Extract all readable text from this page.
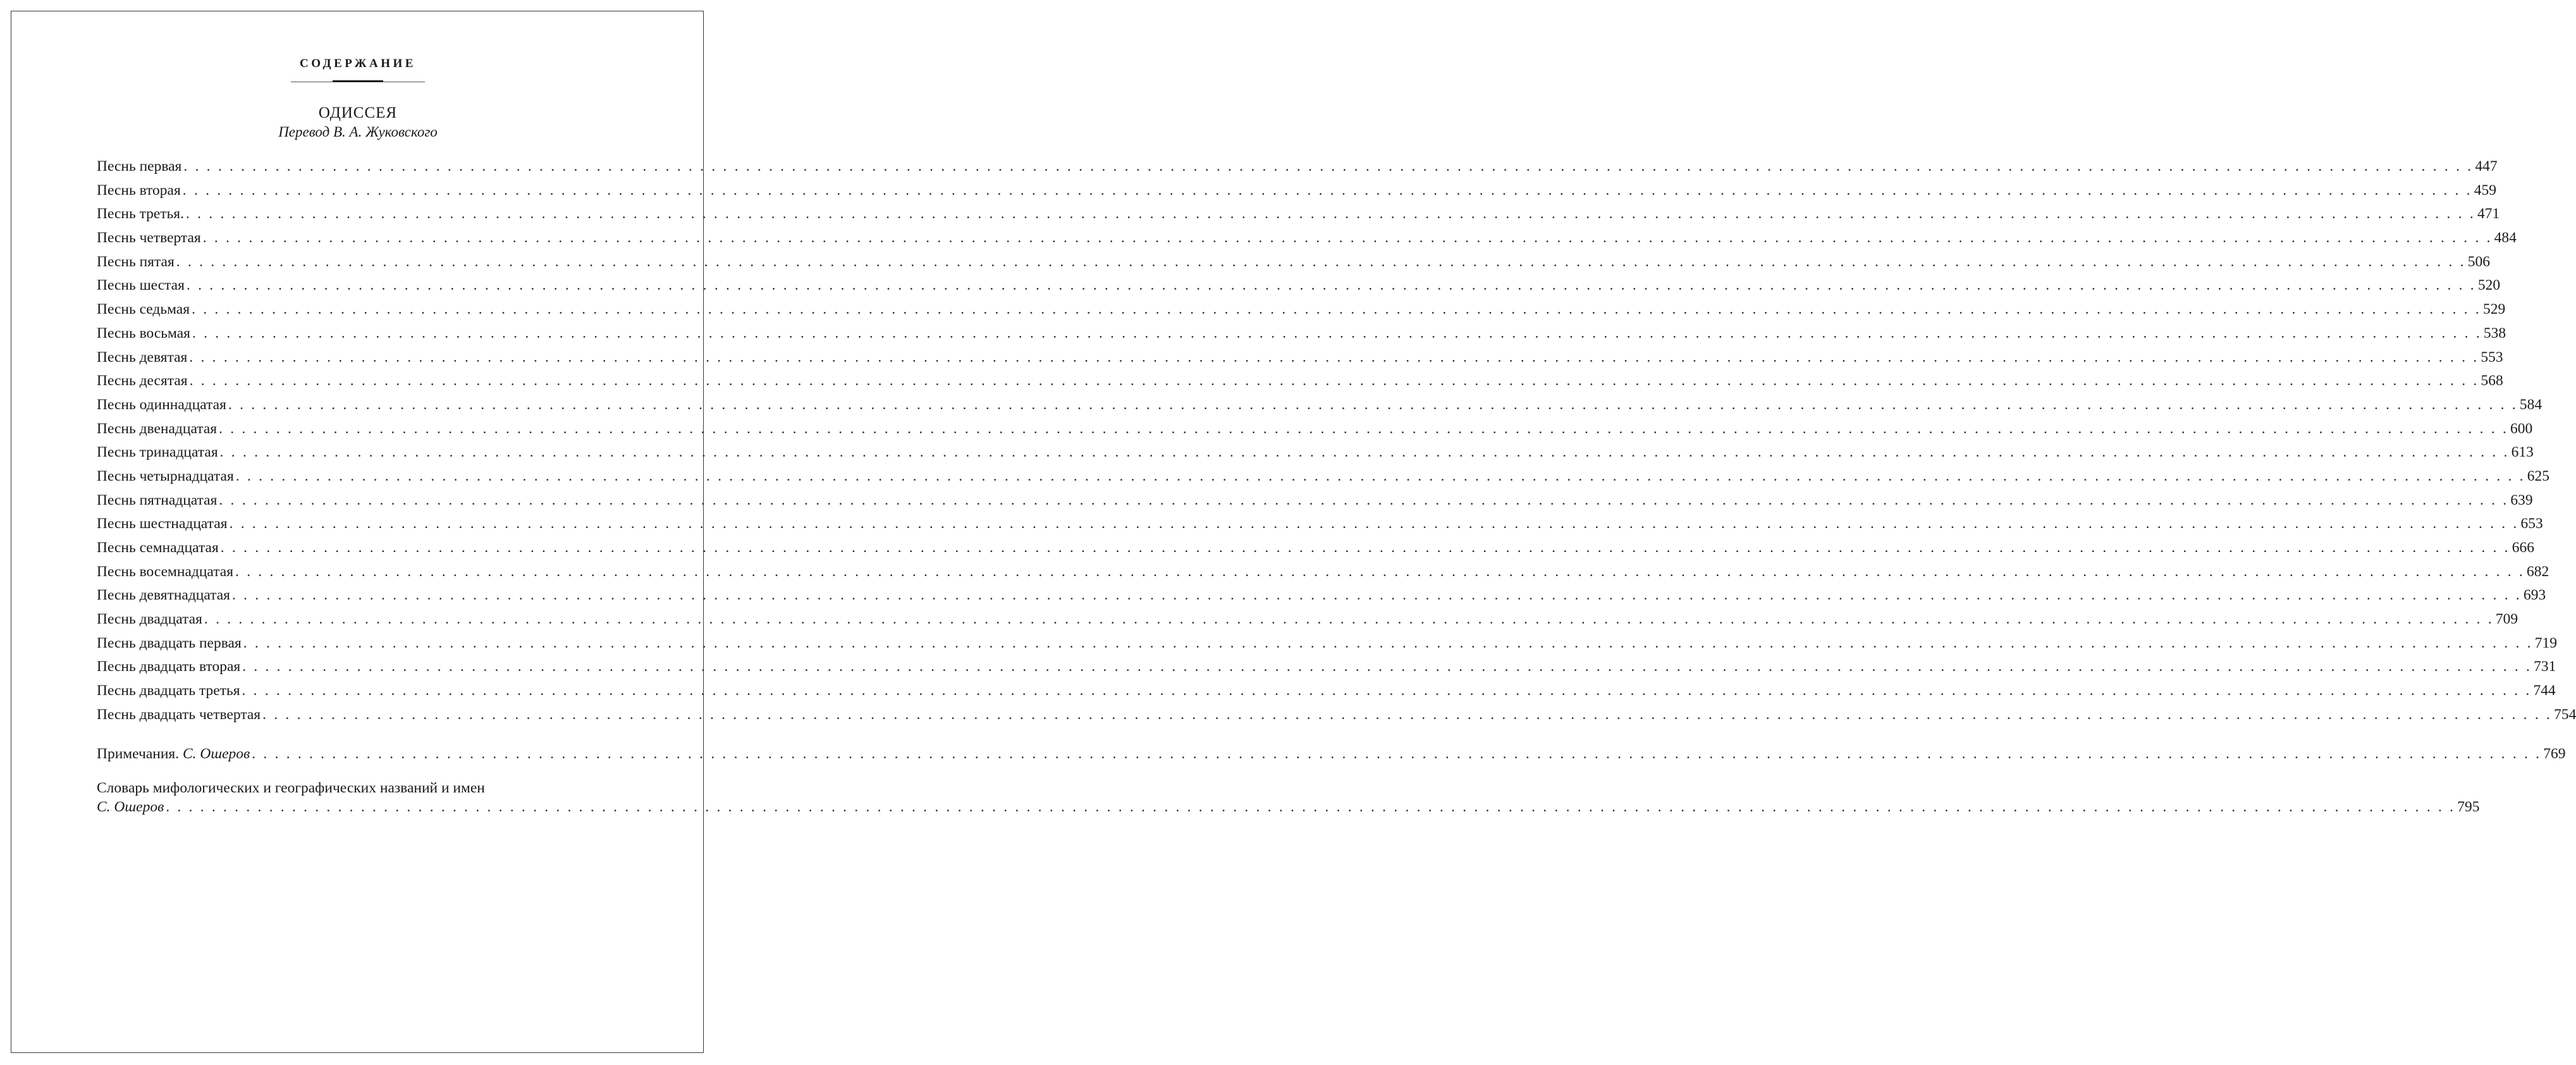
СОДЕРЖАНИЕ
ОДИССЕЯ
Перевод В. А. Жуковского
Песнь первая . . . . . . . . . . . . . . . . . . . . . . . . . . . . . . . . . . . . . . . . . . . . . . . . . . . . . . . . . . . . . . . . . . . . . . . . . . . . . . . . . . . . . . . . . . . . . . . . . . . . . . . . . . . . . . . . . . . . . . . . . . . . . . . . . . . . . . . . . . . . . . . . . . . . . . . . . . . . . . . . . . . . . . . . . . . . . . . . . . . . . . . . . . . . . . . . . . . . . . . . 447
Песнь вторая . . . . . . . . . . . . . . . . . . . . . . . . . . . . . . . . . . . . . . . . . . . . . . . . . . . . . . . . . . . . . . . . . . . . . . . . . . . . . . . . . . . . . . . . . . . . . . . . . . . . . . . . . . . . . . . . . . . . . . . . . . . . . . . . . . . . . . . . . . . . . . . . . . . . . . . . . . . . . . . . . . . . . . . . . . . . . . . . . . . . . . . . . . . . . . . . . . . . . . . . 459
Песнь третья. . . . . . . . . . . . . . . . . . . . . . . . . . . . . . . . . . . . . . . . . . . . . . . . . . . . . . . . . . . . . . . . . . . . . . . . . . . . . . . . . . . . . . . . . . . . . . . . . . . . . . . . . . . . . . . . . . . . . . . . . . . . . . . . . . . . . . . . . . . . . . . . . . . . . . . . . . . . . . . . . . . . . . . . . . . . . . . . . . . . . . . . . . . . . . . . . . . . . . . . . 471
Песнь четвертая . . . . . . . . . . . . . . . . . . . . . . . . . . . . . . . . . . . . . . . . . . . . . . . . . . . . . . . . . . . . . . . . . . . . . . . . . . . . . . . . . . . . . . . . . . . . . . . . . . . . . . . . . . . . . . . . . . . . . . . . . . . . . . . . . . . . . . . . . . . . . . . . . . . . . . . . . . . . . . . . . . . . . . . . . . . . . . . . . . . . . . . . . . . . . . . . . . . . . . . . 484
Песнь пятая . . . . . . . . . . . . . . . . . . . . . . . . . . . . . . . . . . . . . . . . . . . . . . . . . . . . . . . . . . . . . . . . . . . . . . . . . . . . . . . . . . . . . . . . . . . . . . . . . . . . . . . . . . . . . . . . . . . . . . . . . . . . . . . . . . . . . . . . . . . . . . . . . . . . . . . . . . . . . . . . . . . . . . . . . . . . . . . . . . . . . . . . . . . . . . . . . . . . . . . . 506
Песнь шестая . . . . . . . . . . . . . . . . . . . . . . . . . . . . . . . . . . . . . . . . . . . . . . . . . . . . . . . . . . . . . . . . . . . . . . . . . . . . . . . . . . . . . . . . . . . . . . . . . . . . . . . . . . . . . . . . . . . . . . . . . . . . . . . . . . . . . . . . . . . . . . . . . . . . . . . . . . . . . . . . . . . . . . . . . . . . . . . . . . . . . . . . . . . . . . . . . . . . . . . . 520
Песнь седьмая . . . . . . . . . . . . . . . . . . . . . . . . . . . . . . . . . . . . . . . . . . . . . . . . . . . . . . . . . . . . . . . . . . . . . . . . . . . . . . . . . . . . . . . . . . . . . . . . . . . . . . . . . . . . . . . . . . . . . . . . . . . . . . . . . . . . . . . . . . . . . . . . . . . . . . . . . . . . . . . . . . . . . . . . . . . . . . . . . . . . . . . . . . . . . . . . . . . . . . . . 529
Песнь восьмая . . . . . . . . . . . . . . . . . . . . . . . . . . . . . . . . . . . . . . . . . . . . . . . . . . . . . . . . . . . . . . . . . . . . . . . . . . . . . . . . . . . . . . . . . . . . . . . . . . . . . . . . . . . . . . . . . . . . . . . . . . . . . . . . . . . . . . . . . . . . . . . . . . . . . . . . . . . . . . . . . . . . . . . . . . . . . . . . . . . . . . . . . . . . . . . . . . . . . . . . 538
Песнь девятая . . . . . . . . . . . . . . . . . . . . . . . . . . . . . . . . . . . . . . . . . . . . . . . . . . . . . . . . . . . . . . . . . . . . . . . . . . . . . . . . . . . . . . . . . . . . . . . . . . . . . . . . . . . . . . . . . . . . . . . . . . . . . . . . . . . . . . . . . . . . . . . . . . . . . . . . . . . . . . . . . . . . . . . . . . . . . . . . . . . . . . . . . . . . . . . . . . . . . . . . 553
Песнь десятая . . . . . . . . . . . . . . . . . . . . . . . . . . . . . . . . . . . . . . . . . . . . . . . . . . . . . . . . . . . . . . . . . . . . . . . . . . . . . . . . . . . . . . . . . . . . . . . . . . . . . . . . . . . . . . . . . . . . . . . . . . . . . . . . . . . . . . . . . . . . . . . . . . . . . . . . . . . . . . . . . . . . . . . . . . . . . . . . . . . . . . . . . . . . . . . . . . . . . . . . 568
Песнь одиннадцатая . . . . . . . . . . . . . . . . . . . . . . . . . . . . . . . . . . . . . . . . . . . . . . . . . . . . . . . . . . . . . . . . . . . . . . . . . . . . . . . . . . . . . . . . . . . . . . . . . . . . . . . . . . . . . . . . . . . . . . . . . . . . . . . . . . . . . . . . . . . . . . . . . . . . . . . . . . . . . . . . . . . . . . . . . . . . . . . . . . . . . . . . . . . . . . . . . . . . . . . . 584
Песнь двенадцатая . . . . . . . . . . . . . . . . . . . . . . . . . . . . . . . . . . . . . . . . . . . . . . . . . . . . . . . . . . . . . . . . . . . . . . . . . . . . . . . . . . . . . . . . . . . . . . . . . . . . . . . . . . . . . . . . . . . . . . . . . . . . . . . . . . . . . . . . . . . . . . . . . . . . . . . . . . . . . . . . . . . . . . . . . . . . . . . . . . . . . . . . . . . . . . . . . . . . . . . . 600
Песнь тринадцатая . . . . . . . . . . . . . . . . . . . . . . . . . . . . . . . . . . . . . . . . . . . . . . . . . . . . . . . . . . . . . . . . . . . . . . . . . . . . . . . . . . . . . . . . . . . . . . . . . . . . . . . . . . . . . . . . . . . . . . . . . . . . . . . . . . . . . . . . . . . . . . . . . . . . . . . . . . . . . . . . . . . . . . . . . . . . . . . . . . . . . . . . . . . . . . . . . . . . . . . . 613
Песнь четырнадцатая . . . . . . . . . . . . . . . . . . . . . . . . . . . . . . . . . . . . . . . . . . . . . . . . . . . . . . . . . . . . . . . . . . . . . . . . . . . . . . . . . . . . . . . . . . . . . . . . . . . . . . . . . . . . . . . . . . . . . . . . . . . . . . . . . . . . . . . . . . . . . . . . . . . . . . . . . . . . . . . . . . . . . . . . . . . . . . . . . . . . . . . . . . . . . . . . . . . . . . . . 625
Песнь пятнадцатая . . . . . . . . . . . . . . . . . . . . . . . . . . . . . . . . . . . . . . . . . . . . . . . . . . . . . . . . . . . . . . . . . . . . . . . . . . . . . . . . . . . . . . . . . . . . . . . . . . . . . . . . . . . . . . . . . . . . . . . . . . . . . . . . . . . . . . . . . . . . . . . . . . . . . . . . . . . . . . . . . . . . . . . . . . . . . . . . . . . . . . . . . . . . . . . . . . . . . . . . 639
Песнь шестнадцатая . . . . . . . . . . . . . . . . . . . . . . . . . . . . . . . . . . . . . . . . . . . . . . . . . . . . . . . . . . . . . . . . . . . . . . . . . . . . . . . . . . . . . . . . . . . . . . . . . . . . . . . . . . . . . . . . . . . . . . . . . . . . . . . . . . . . . . . . . . . . . . . . . . . . . . . . . . . . . . . . . . . . . . . . . . . . . . . . . . . . . . . . . . . . . . . . . . . . . . . . 653
Песнь семнадцатая . . . . . . . . . . . . . . . . . . . . . . . . . . . . . . . . . . . . . . . . . . . . . . . . . . . . . . . . . . . . . . . . . . . . . . . . . . . . . . . . . . . . . . . . . . . . . . . . . . . . . . . . . . . . . . . . . . . . . . . . . . . . . . . . . . . . . . . . . . . . . . . . . . . . . . . . . . . . . . . . . . . . . . . . . . . . . . . . . . . . . . . . . . . . . . . . . . . . . . . . 666
Песнь восемнадцатая . . . . . . . . . . . . . . . . . . . . . . . . . . . . . . . . . . . . . . . . . . . . . . . . . . . . . . . . . . . . . . . . . . . . . . . . . . . . . . . . . . . . . . . . . . . . . . . . . . . . . . . . . . . . . . . . . . . . . . . . . . . . . . . . . . . . . . . . . . . . . . . . . . . . . . . . . . . . . . . . . . . . . . . . . . . . . . . . . . . . . . . . . . . . . . . . . . . . . . . . 682
Песнь девятнадцатая . . . . . . . . . . . . . . . . . . . . . . . . . . . . . . . . . . . . . . . . . . . . . . . . . . . . . . . . . . . . . . . . . . . . . . . . . . . . . . . . . . . . . . . . . . . . . . . . . . . . . . . . . . . . . . . . . . . . . . . . . . . . . . . . . . . . . . . . . . . . . . . . . . . . . . . . . . . . . . . . . . . . . . . . . . . . . . . . . . . . . . . . . . . . . . . . . . . . . . . . 693
Песнь двадцатая . . . . . . . . . . . . . . . . . . . . . . . . . . . . . . . . . . . . . . . . . . . . . . . . . . . . . . . . . . . . . . . . . . . . . . . . . . . . . . . . . . . . . . . . . . . . . . . . . . . . . . . . . . . . . . . . . . . . . . . . . . . . . . . . . . . . . . . . . . . . . . . . . . . . . . . . . . . . . . . . . . . . . . . . . . . . . . . . . . . . . . . . . . . . . . . . . . . . . . . . 709
Песнь двадцать первая . . . . . . . . . . . . . . . . . . . . . . . . . . . . . . . . . . . . . . . . . . . . . . . . . . . . . . . . . . . . . . . . . . . . . . . . . . . . . . . . . . . . . . . . . . . . . . . . . . . . . . . . . . . . . . . . . . . . . . . . . . . . . . . . . . . . . . . . . . . . . . . . . . . . . . . . . . . . . . . . . . . . . . . . . . . . . . . . . . . . . . . . . . . . . . . . . . . . . . . . 719
Песнь двадцать вторая . . . . . . . . . . . . . . . . . . . . . . . . . . . . . . . . . . . . . . . . . . . . . . . . . . . . . . . . . . . . . . . . . . . . . . . . . . . . . . . . . . . . . . . . . . . . . . . . . . . . . . . . . . . . . . . . . . . . . . . . . . . . . . . . . . . . . . . . . . . . . . . . . . . . . . . . . . . . . . . . . . . . . . . . . . . . . . . . . . . . . . . . . . . . . . . . . . . . . . . . 731
Песнь двадцать третья . . . . . . . . . . . . . . . . . . . . . . . . . . . . . . . . . . . . . . . . . . . . . . . . . . . . . . . . . . . . . . . . . . . . . . . . . . . . . . . . . . . . . . . . . . . . . . . . . . . . . . . . . . . . . . . . . . . . . . . . . . . . . . . . . . . . . . . . . . . . . . . . . . . . . . . . . . . . . . . . . . . . . . . . . . . . . . . . . . . . . . . . . . . . . . . . . . . . . . . . 744
Песнь двадцать четвертая . . . . . . . . . . . . . . . . . . . . . . . . . . . . . . . . . . . . . . . . . . . . . . . . . . . . . . . . . . . . . . . . . . . . . . . . . . . . . . . . . . . . . . . . . . . . . . . . . . . . . . . . . . . . . . . . . . . . . . . . . . . . . . . . . . . . . . . . . . . . . . . . . . . . . . . . . . . . . . . . . . . . . . . . . . . . . . . . . . . . . . . . . . . . . . . . . . . . . . . . 754
Примечания. С. Ошеров . . . . . . . . . . . . . . . . . . . . . . . . . . . . . . . . . . . . . . . . . . . . . . . . . . . . . . . . . . . . . . . . . . . . . . . . . . . . . . . . . . . . . . . . . . . . . . . . . . . . . . . . . . . . . . . . . . . . . . . . . . . . . . . . . . . . . . . . . . . . . . . . . . . . . . . . . . . . . . . . . . . . . . . . . . . . . . . . . . . . . . . . . . . . . . . . . . . . . . . . 769
Словарь мифологических и географических названий и имен
С. Ошеров . . . . . . . . . . . . . . . . . . . . . . . . . . . . . . . . . . . . . . . . . . . . . . . . . . . . . . . . . . . . . . . . . . . . . . . . . . . . . . . . . . . . . . . . . . . . . . . . . . . . . . . . . . . . . . . . . . . . . . . . . . . . . . . . . . . . . . . . . . . . . . . . . . . . . . . . . . . . . . . . . . . . . . . . . . . . . . . . . . . . . . . . . . . . . . . . . . . . . . . . 795
